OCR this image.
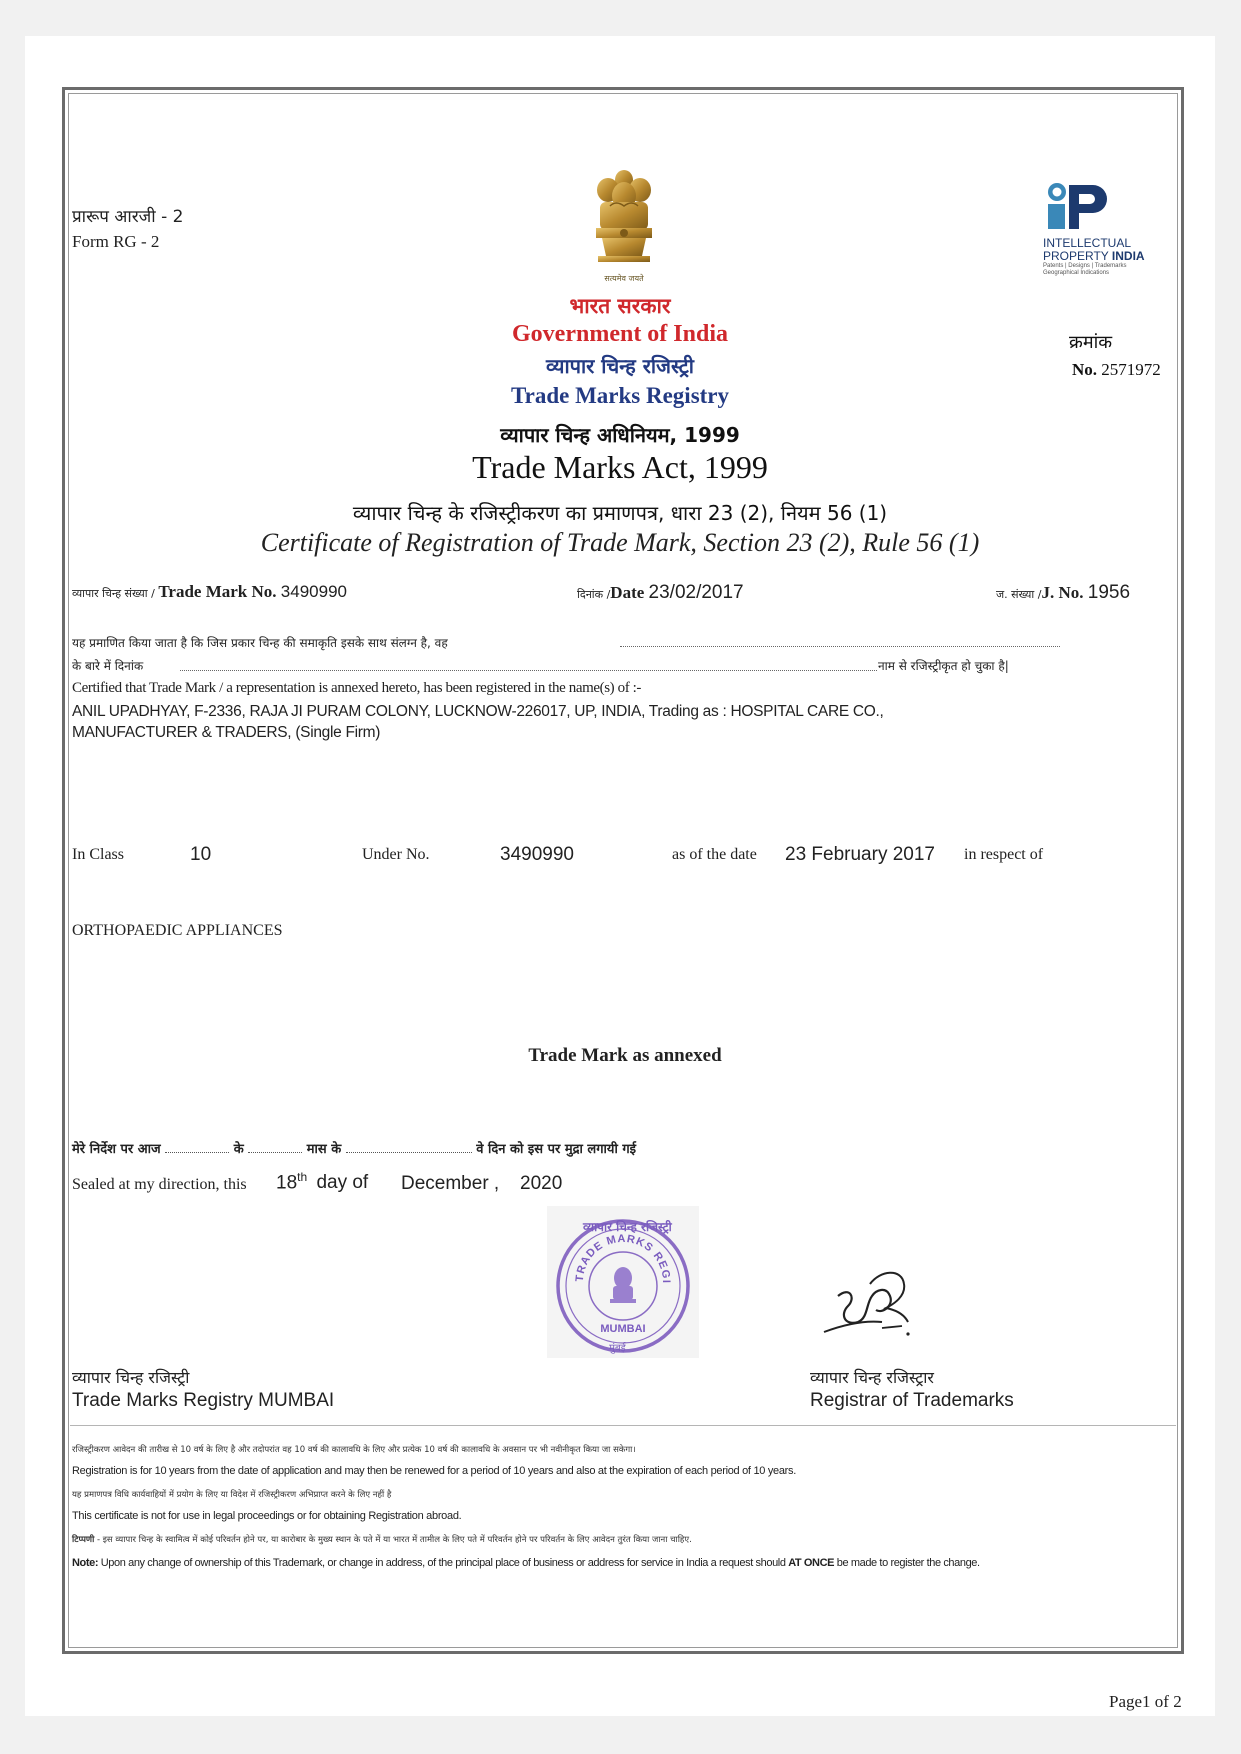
प्रारूप आरजी - 2
Form RG - 2
सत्यमेव जयते
INTELLECTUAL
PROPERTY INDIA
Patents | Designs | Trademarks
Geographical Indications
भारत सरकार
Government of India
व्यापार चिन्ह रजिस्ट्री
Trade Marks Registry
व्यापार चिन्ह अधिनियम, 1999
Trade Marks Act, 1999
व्यापार चिन्ह के रजिस्ट्रीकरण का प्रमाणपत्र, धारा 23 (2), नियम 56 (1)
Certificate of Registration of Trade Mark, Section 23 (2), Rule 56 (1)
क्रमांक
No. 2571972
व्यापार चिन्ह संख्या / Trade Mark No. 3490990	दिनांक /Date 23/02/2017	ज. संख्या /J. No. 1956
यह प्रमाणित किया जाता है कि जिस प्रकार चिन्ह की समाकृति इसके साथ संलग्न है, वह
के बारे में दिनांक	नाम से रजिस्ट्रीकृत हो चुका है|
Certified that Trade Mark / a representation is annexed hereto, has been registered in the name(s) of :-
ANIL UPADHYAY, F-2336, RAJA JI PURAM COLONY, LUCKNOW-226017, UP, INDIA, Trading as : HOSPITAL CARE CO.,
MANUFACTURER & TRADERS, (Single Firm)
In Class	10	Under No.	3490990	as of the date 23 February 2017 in respect of
ORTHOPAEDIC APPLIANCES
Trade Mark as annexed
मेरे निर्देश पर आज	के	मास के	वे दिन को इस पर मुद्रा लगायी गई
Sealed at my direction, this 18th day of December , 2020
TRADE MARKS REGI
MUMBAI
व्यापार चिन्ह रजिस्ट्री
मुंबई
व्यापार चिन्ह रजिस्ट्री
Trade Marks Registry MUMBAI
व्यापार चिन्ह रजिस्ट्रार
Registrar of Trademarks
रजिस्ट्रीकरण आवेदन की तारीख से 10 वर्ष के लिए है और तदोपरांत वह 10 वर्ष की कालावधि के लिए और प्रत्येक 10 वर्ष की कालावधि के अवसान पर भी नवीनीकृत किया जा सकेगा।
Registration is for 10 years from the date of application and may then be renewed for a period of 10 years and also at the expiration of each period of 10 years.
यह प्रमाणपत्र विधि कार्यवाहियों में प्रयोग के लिए या विदेश में रजिस्ट्रीकरण अभिप्राप्त करने के लिए नहीं है
This certificate is not for use in legal proceedings or for obtaining Registration abroad.
टिप्पणी - इस व्यापार चिन्ह के स्वामित्व में कोई परिवर्तन होने पर, या कारोबार के मुख्य स्थान के पते में या भारत में तामील के लिए पते में परिवर्तन होने पर परिवर्तन के लिए आवेदन तुरंत किया जाना चाहिए.
Note: Upon any change of ownership of this Trademark, or change in address, of the principal place of business or address for service in India a request should AT ONCE be made to register the change.
Page1 of 2
